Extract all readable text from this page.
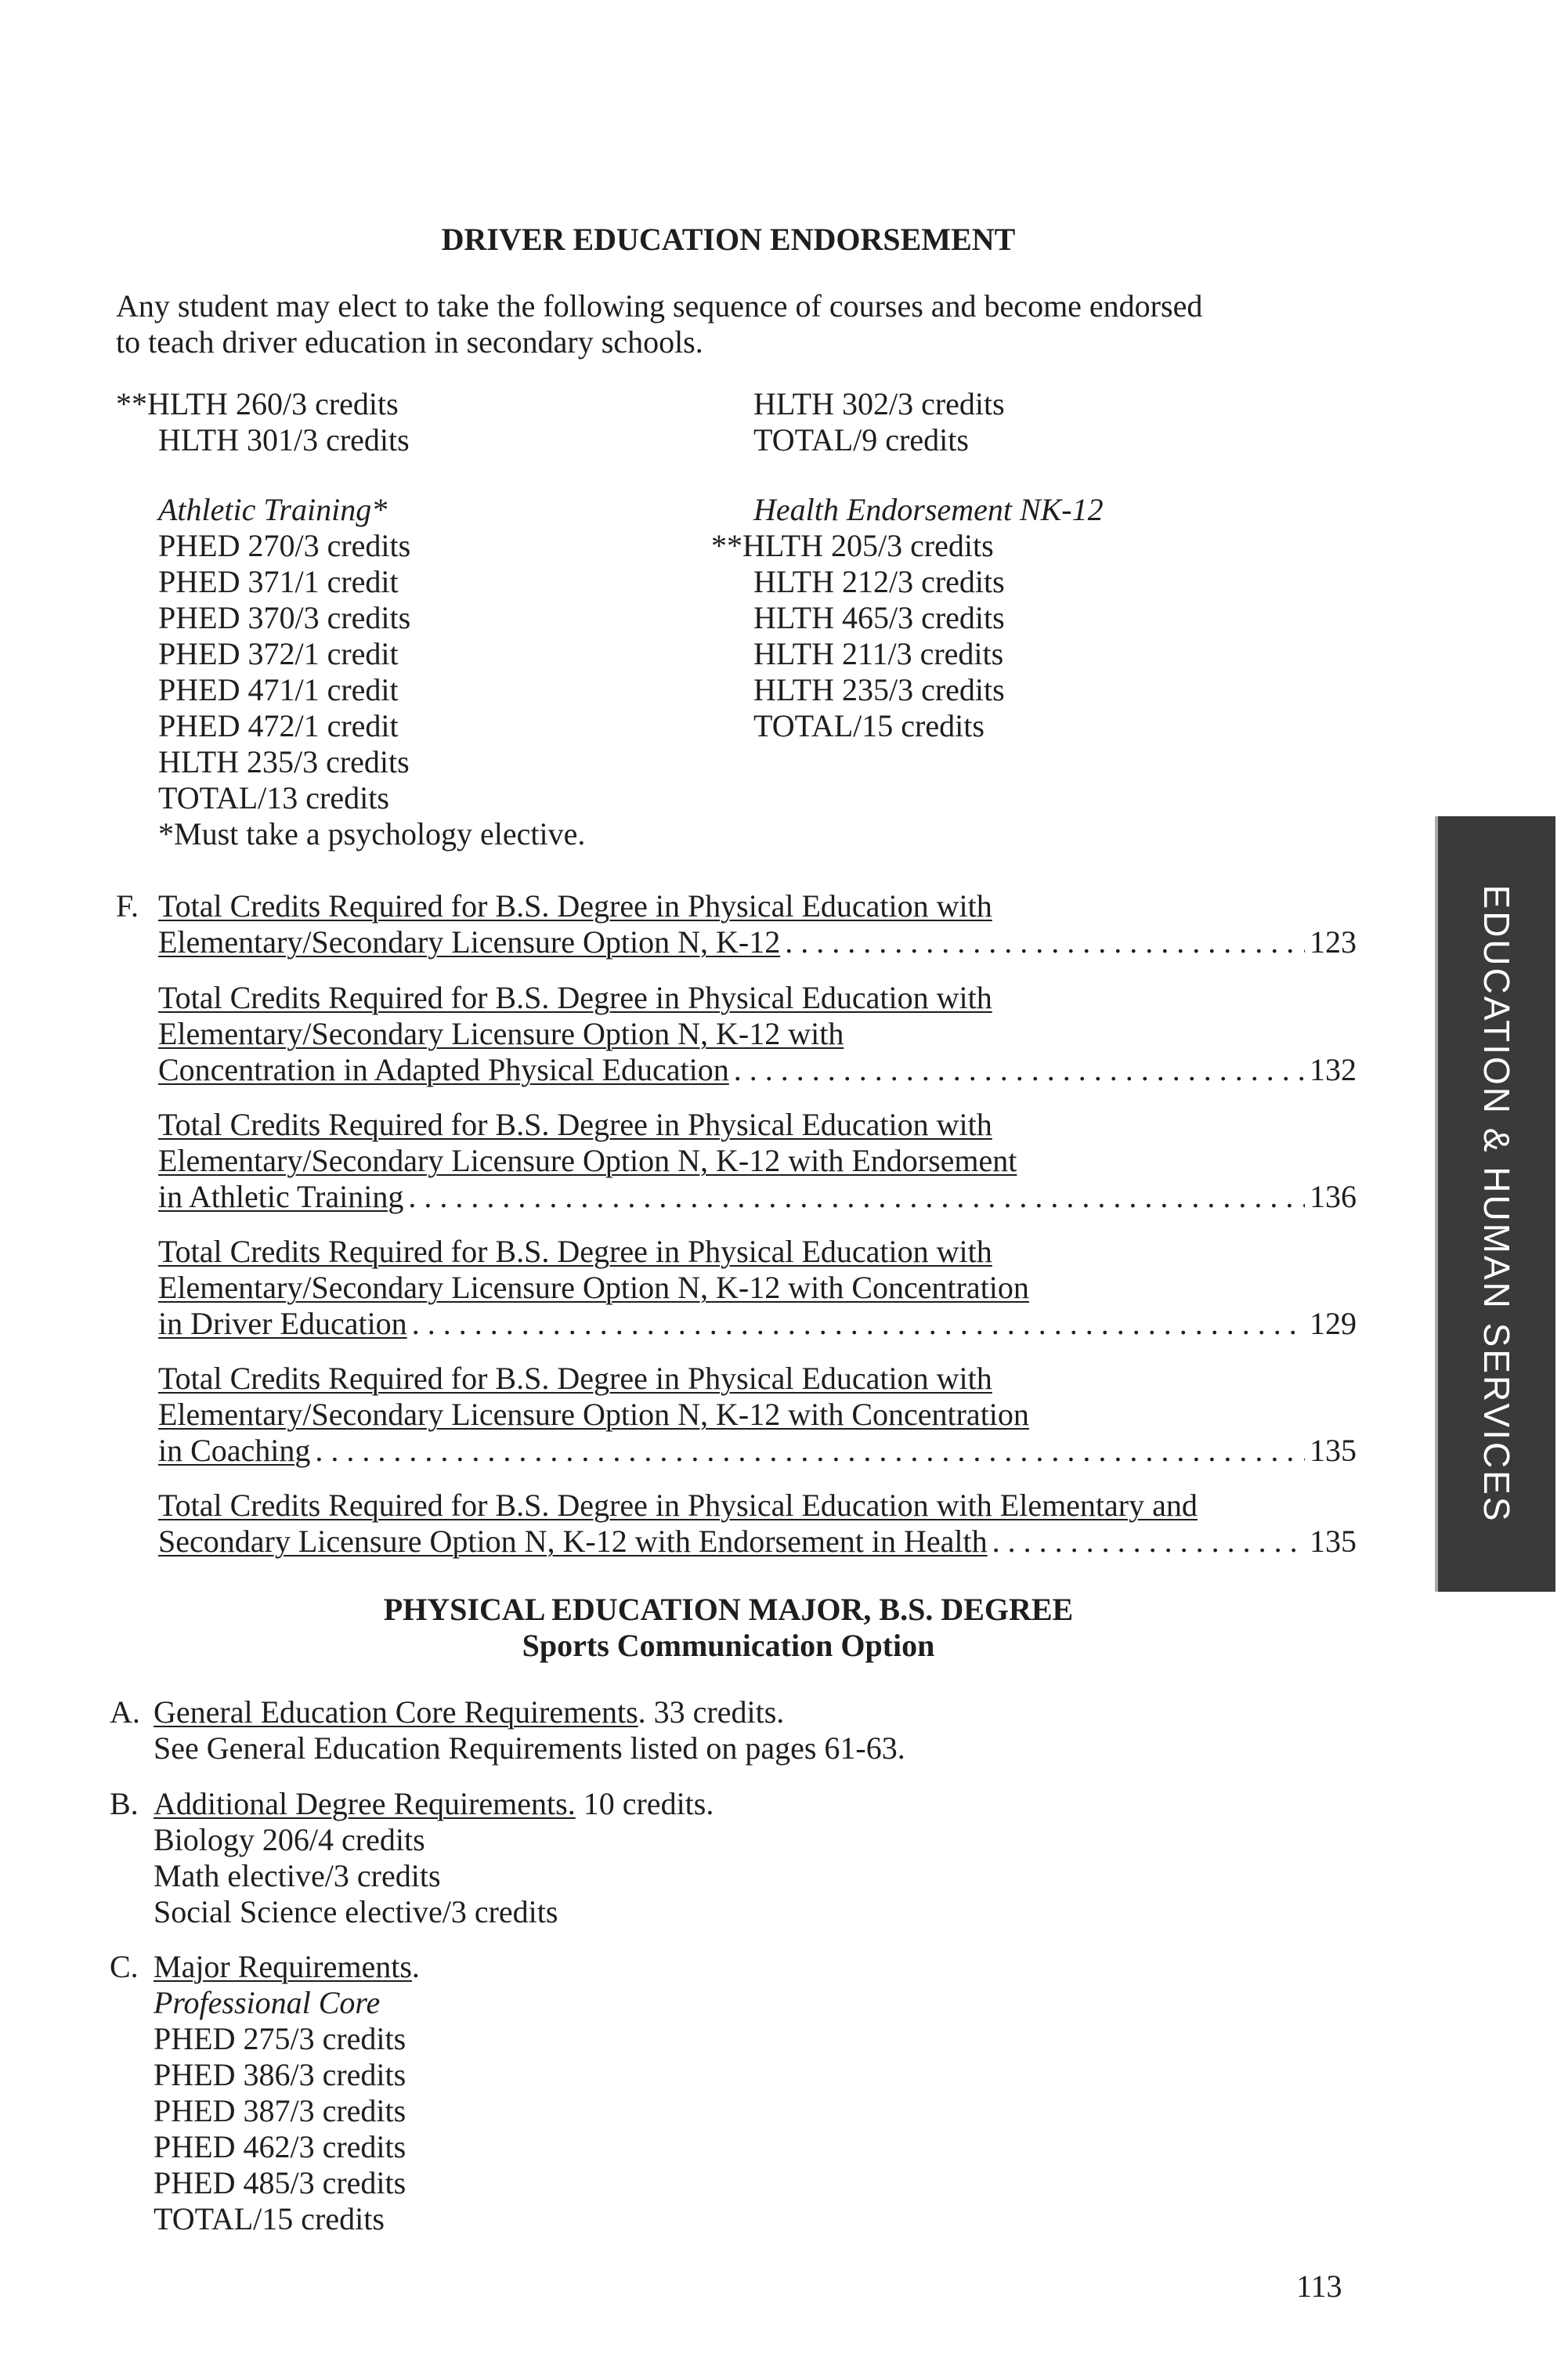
DRIVER EDUCATION ENDORSEMENT
Any student may elect to take the following sequence of courses and become endorsed
to teach driver education in secondary schools.
**HLTH 260/3 credits
HLTH 301/3 credits
HLTH 302/3 credits
TOTAL/9 credits
Athletic Training*
PHED 270/3 credits
PHED 371/1 credit
PHED 370/3 credits
PHED 372/1 credit
PHED 471/1 credit
PHED 472/1 credit
HLTH 235/3 credits
TOTAL/13 credits
*Must take a psychology elective.
Health Endorsement NK-12
**HLTH 205/3 credits
HLTH 212/3 credits
HLTH 465/3 credits
HLTH 211/3 credits
HLTH 235/3 credits
TOTAL/15 credits
F. Total Credits Required for B.S. Degree in Physical Education with
Elementary/Secondary Licensure Option N, K-12 . . .	123
Total Credits Required for B.S. Degree in Physical Education with
Elementary/Secondary Licensure Option N, K-12 with
Concentration in Adapted Physical Education . . .	132
Total Credits Required for B.S. Degree in Physical Education with
Elementary/Secondary Licensure Option N, K-12 with Endorsement
in Athletic Training . . .	136
Total Credits Required for B.S. Degree in Physical Education with
Elementary/Secondary Licensure Option N, K-12 with Concentration
in Driver Education . . .	129
Total Credits Required for B.S. Degree in Physical Education with
Elementary/Secondary Licensure Option N, K-12 with Concentration
in Coaching . . .	135
Total Credits Required for B.S. Degree in Physical Education with Elementary and
Secondary Licensure Option N, K-12 with Endorsement in Health . . .	135
EDUCATION & HUMAN SERVICES
PHYSICAL EDUCATION MAJOR, B.S. DEGREE
Sports Communication Option
A. General Education Core Requirements. 33 credits.
See General Education Requirements listed on pages 61-63.
B. Additional Degree Requirements. 10 credits.
Biology 206/4 credits
Math elective/3 credits
Social Science elective/3 credits
C. Major Requirements.
Professional Core
PHED 275/3 credits
PHED 386/3 credits
PHED 387/3 credits
PHED 462/3 credits
PHED 485/3 credits
TOTAL/15 credits
113
